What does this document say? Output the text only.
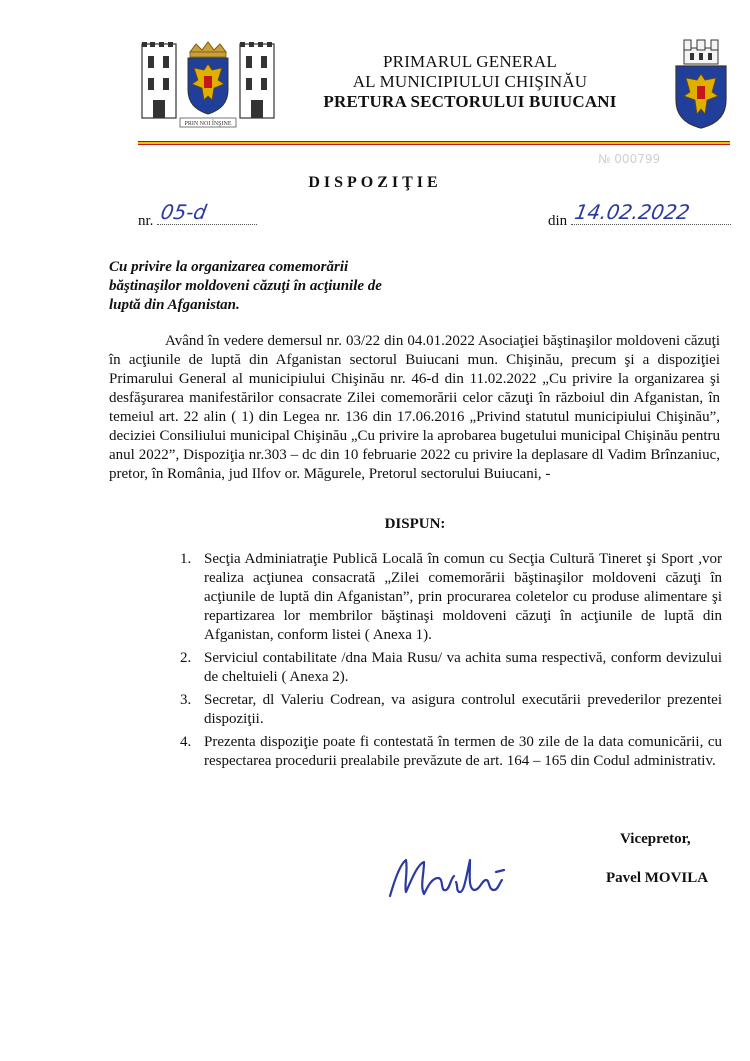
PRIN NOI ÎNŞINE
PRIMARUL GENERAL
AL MUNICIPIULUI CHIŞINĂU
PRETURA SECTORULUI BUIUCANI
№ 000799
DISPOZIŢIE
nr. 05-d	din 14.02.2022
Cu privire la organizarea comemorării băştinaşilor moldoveni căzuţi în acţiunile de luptă din Afganistan.
Având în vedere demersul nr. 03/22 din 04.01.2022 Asociaţiei băştinaşilor moldoveni căzuţi în acţiunile de luptă din Afganistan sectorul Buiucani mun. Chişinău, precum şi a dispoziţiei Primarului General al municipiului Chişinău nr. 46-d din 11.02.2022 „Cu privire la organizarea şi desfăşurarea manifestărilor consacrate Zilei comemorării celor căzuţi în războiul din Afganistan, în temeiul art. 22 alin ( 1) din Legea nr. 136 din 17.06.2016 „Privind statutul municipiului Chişinău”, deciziei Consiliului municipal Chişinău „Cu privire la aprobarea bugetului municipal Chişinău pentru anul 2022”, Dispoziţia nr.303 – dc din 10 februarie 2022 cu privire la deplasare dl Vadim Brînzaniuc, pretor, în România, jud Ilfov or. Măgurele, Pretorul sectorului Buiucani, -
DISPUN:
1. Secţia Adminiatraţie Publică Locală în comun cu Secţia Cultură Tineret şi Sport ,vor realiza acţiunea consacrată „Zilei comemorării băştinaşilor moldoveni căzuţi în acţiunile de luptă din Afganistan”, prin procurarea coletelor cu produse alimentare şi repartizarea lor membrilor băştinaşi moldoveni căzuţi în acţiunile de luptă din Afganistan, conform listei ( Anexa 1).
2. Serviciul contabilitate /dna Maia Rusu/ va achita suma respectivă, conform devizului de cheltuieli ( Anexa 2).
3. Secretar, dl Valeriu Codrean, va asigura controlul executării prevederilor prezentei dispoziţii.
4. Prezenta dispoziţie poate fi contestată în termen de 30 zile de la data comunicării, cu respectarea procedurii prealabile prevăzute de art. 164 – 165 din Codul administrativ.
Vicepretor,
Pavel MOVILA
